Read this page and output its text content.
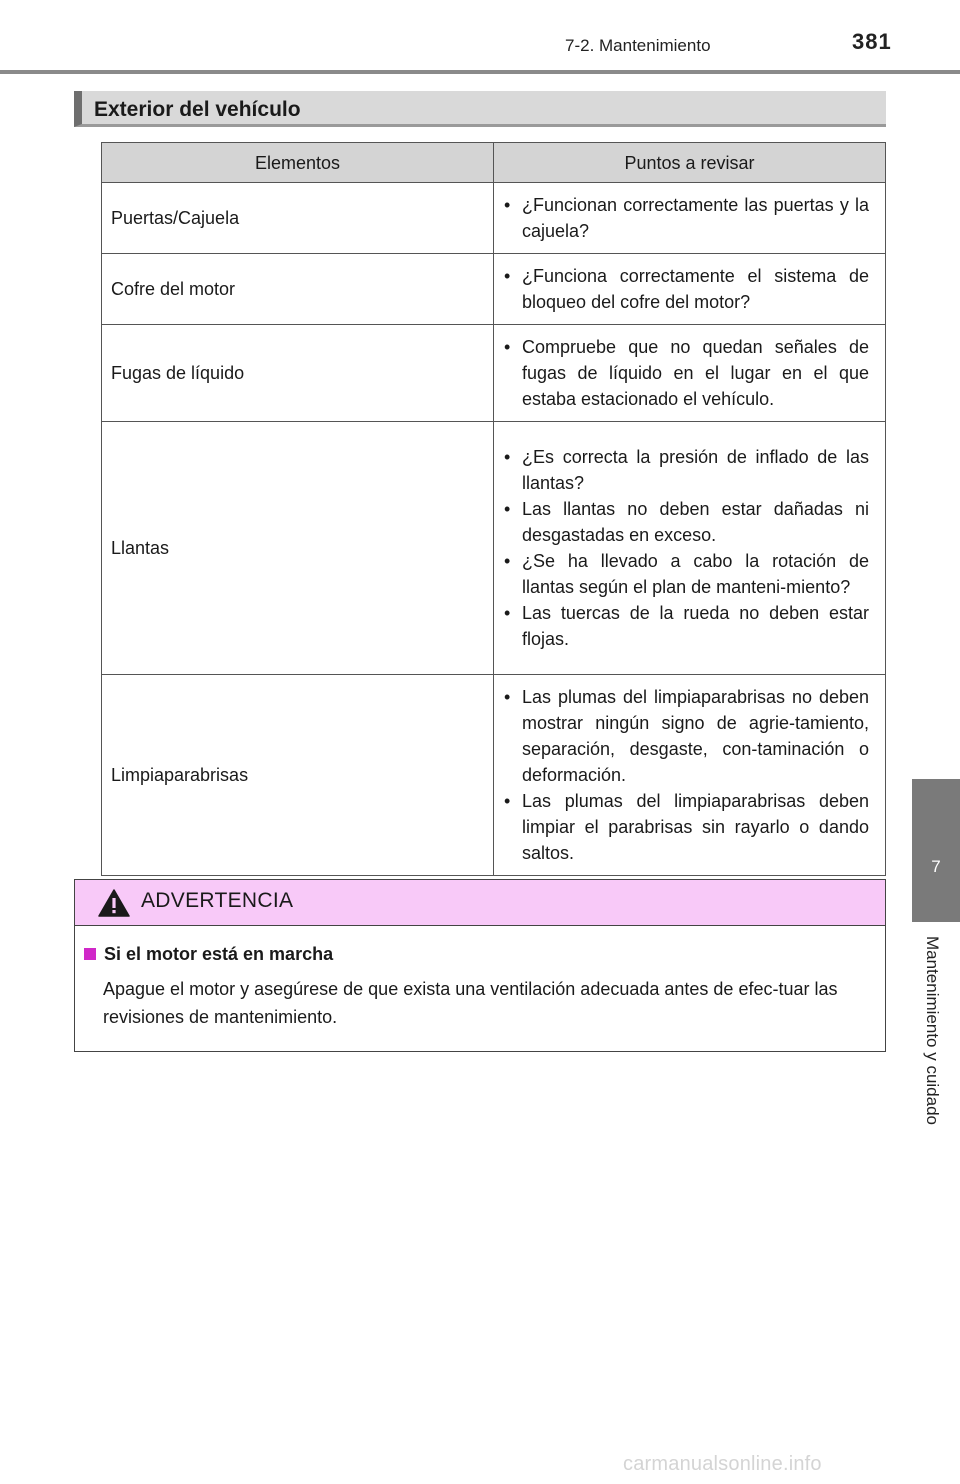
7-2. Mantenimiento	381
Exterior del vehículo
Elementos	Puntos a revisar
Puertas/Cajuela	• ¿Funcionan correctamente las puertas y la cajuela?

Cofre del motor	• ¿Funciona correctamente el sistema de bloqueo del cofre del motor?

Fugas de líquido	• Compruebe que no quedan señales de fugas de líquido en el lugar en el que estaba estacionado el vehículo.

Llantas	• ¿Es correcta la presión de inflado de las llantas?
• Las llantas no deben estar dañadas ni desgastadas en exceso.
• ¿Se ha llevado a cabo la rotación de llantas según el plan de manteni-miento?
• Las tuercas de la rueda no deben estar flojas.

Limpiaparabrisas	• Las plumas del limpiaparabrisas no deben mostrar ningún signo de agrie-tamiento, separación, desgaste, con-taminación o deformación.
• Las plumas del limpiaparabrisas deben limpiar el parabrisas sin rayarlo o dando saltos.
ADVERTENCIA
Si el motor está en marcha
Apague el motor y asegúrese de que exista una ventilación adecuada antes de efec-tuar las revisiones de mantenimiento.
7
Mantenimiento y cuidado
carmanualsonline.info
